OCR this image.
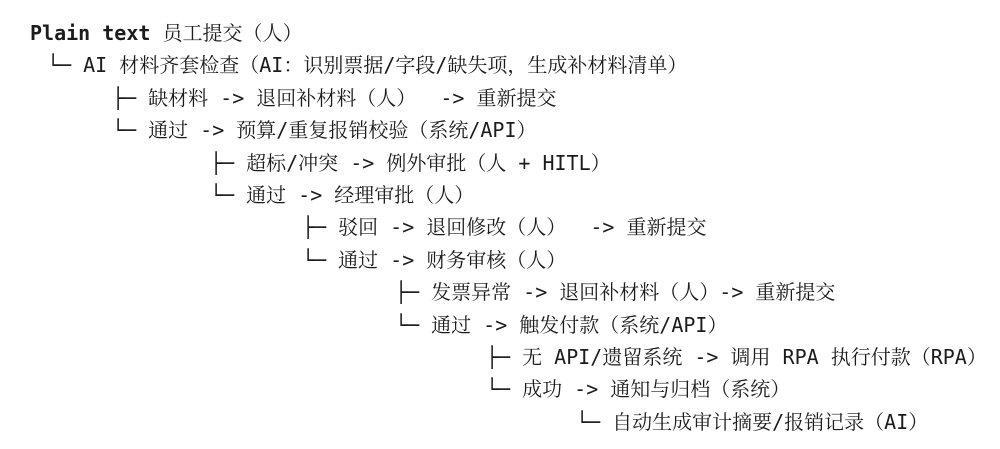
Plain text 员工提交（人）
└─ AI 材料齐套检查（AI：识别票据/字段/缺失项，生成补材料清单）
├─ 缺材料 -> 退回补材料（人）  -> 重新提交
└─ 通过 -> 预算/重复报销校验（系统/API）
├─ 超标/冲突 -> 例外审批（人 + HITL）
└─ 通过 -> 经理审批（人）
├─ 驳回 -> 退回修改（人）  -> 重新提交
└─ 通过 -> 财务审核（人）
├─ 发票异常 -> 退回补材料（人）-> 重新提交
└─ 通过 -> 触发付款（系统/API）
├─ 无 API/遗留系统 -> 调用 RPA 执行付款（RPA）
└─ 成功 -> 通知与归档（系统）
└─ 自动生成审计摘要/报销记录（AI）
